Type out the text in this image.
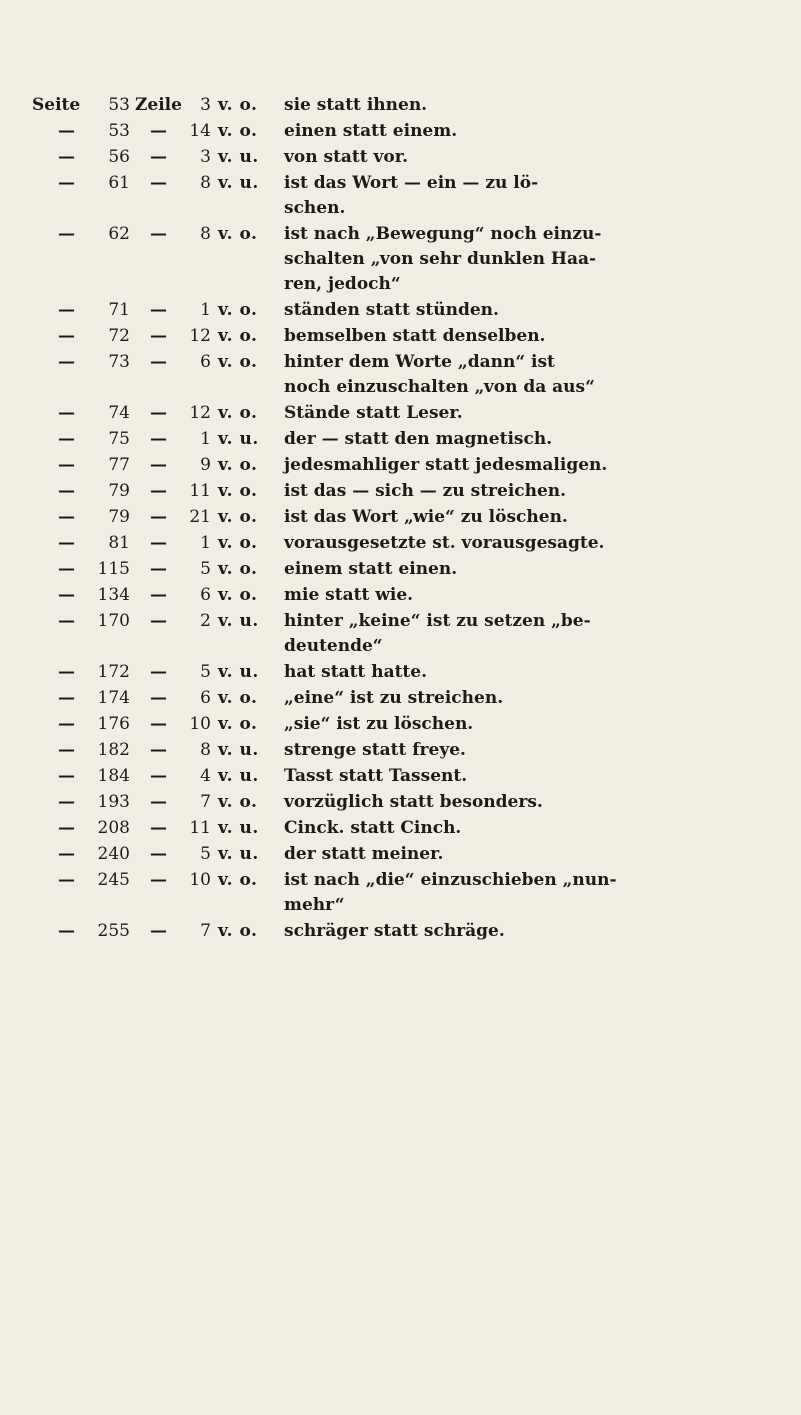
Seite	53 Zeile	3 v. o. sie statt ihnen.
—	53 —	14 v. o. einen statt einem.
—	56 —	3 v. u. von statt vor.
—	61 —	8 v. u. ist das Wort — ein — zu lö-
schen.
—	62 —	8 v. o. ist nach „Bewegung“ noch einzu-
schalten „von sehr dunklen Haa-
ren, jedoch“
—	71 —	1 v. o. ständen statt stünden.
—	72 —	12 v. o. bemselben statt denselben.
—	73 —	6 v. o. hinter dem Worte „dann“ ist
noch einzuschalten „von da aus“
—	74 —	12 v. o. Stände statt Leser.
—	75 —	1 v. u. der — statt den magnetisch.
—	77 —	9 v. o. jedesmahliger statt jedesmaligen.
—	79 —	11 v. o. ist das — sich — zu streichen.
—	79 —	21 v. o. ist das Wort „wie“ zu löschen.
—	81 —	1 v. o. vorausgesetzte st. vorausgesagte.
—	115 —	5 v. o. einem statt einen.
—	134 —	6 v. o. mie statt wie.
—	170 —	2 v. u. hinter „keine“ ist zu setzen „be-
deutende“
—	172 —	5 v. u. hat statt hatte.
—	174 —	6 v. o. „eine“ ist zu streichen.
—	176 —	10 v. o. „sie“ ist zu löschen.
—	182 —	8 v. u. strenge statt freye.
—	184 —	4 v. u. Tasst statt Tassent.
—	193 —	7 v. o. vorzüglich statt besonders.
—	208 —	11 v. u. Cinck. statt Cinch.
—	240 —	5 v. u. der statt meiner.
—	245 —	10 v. o. ist nach „die“ einzuschieben „nun-
mehr“
—	255 —	7 v. o. schräger statt schräge.
